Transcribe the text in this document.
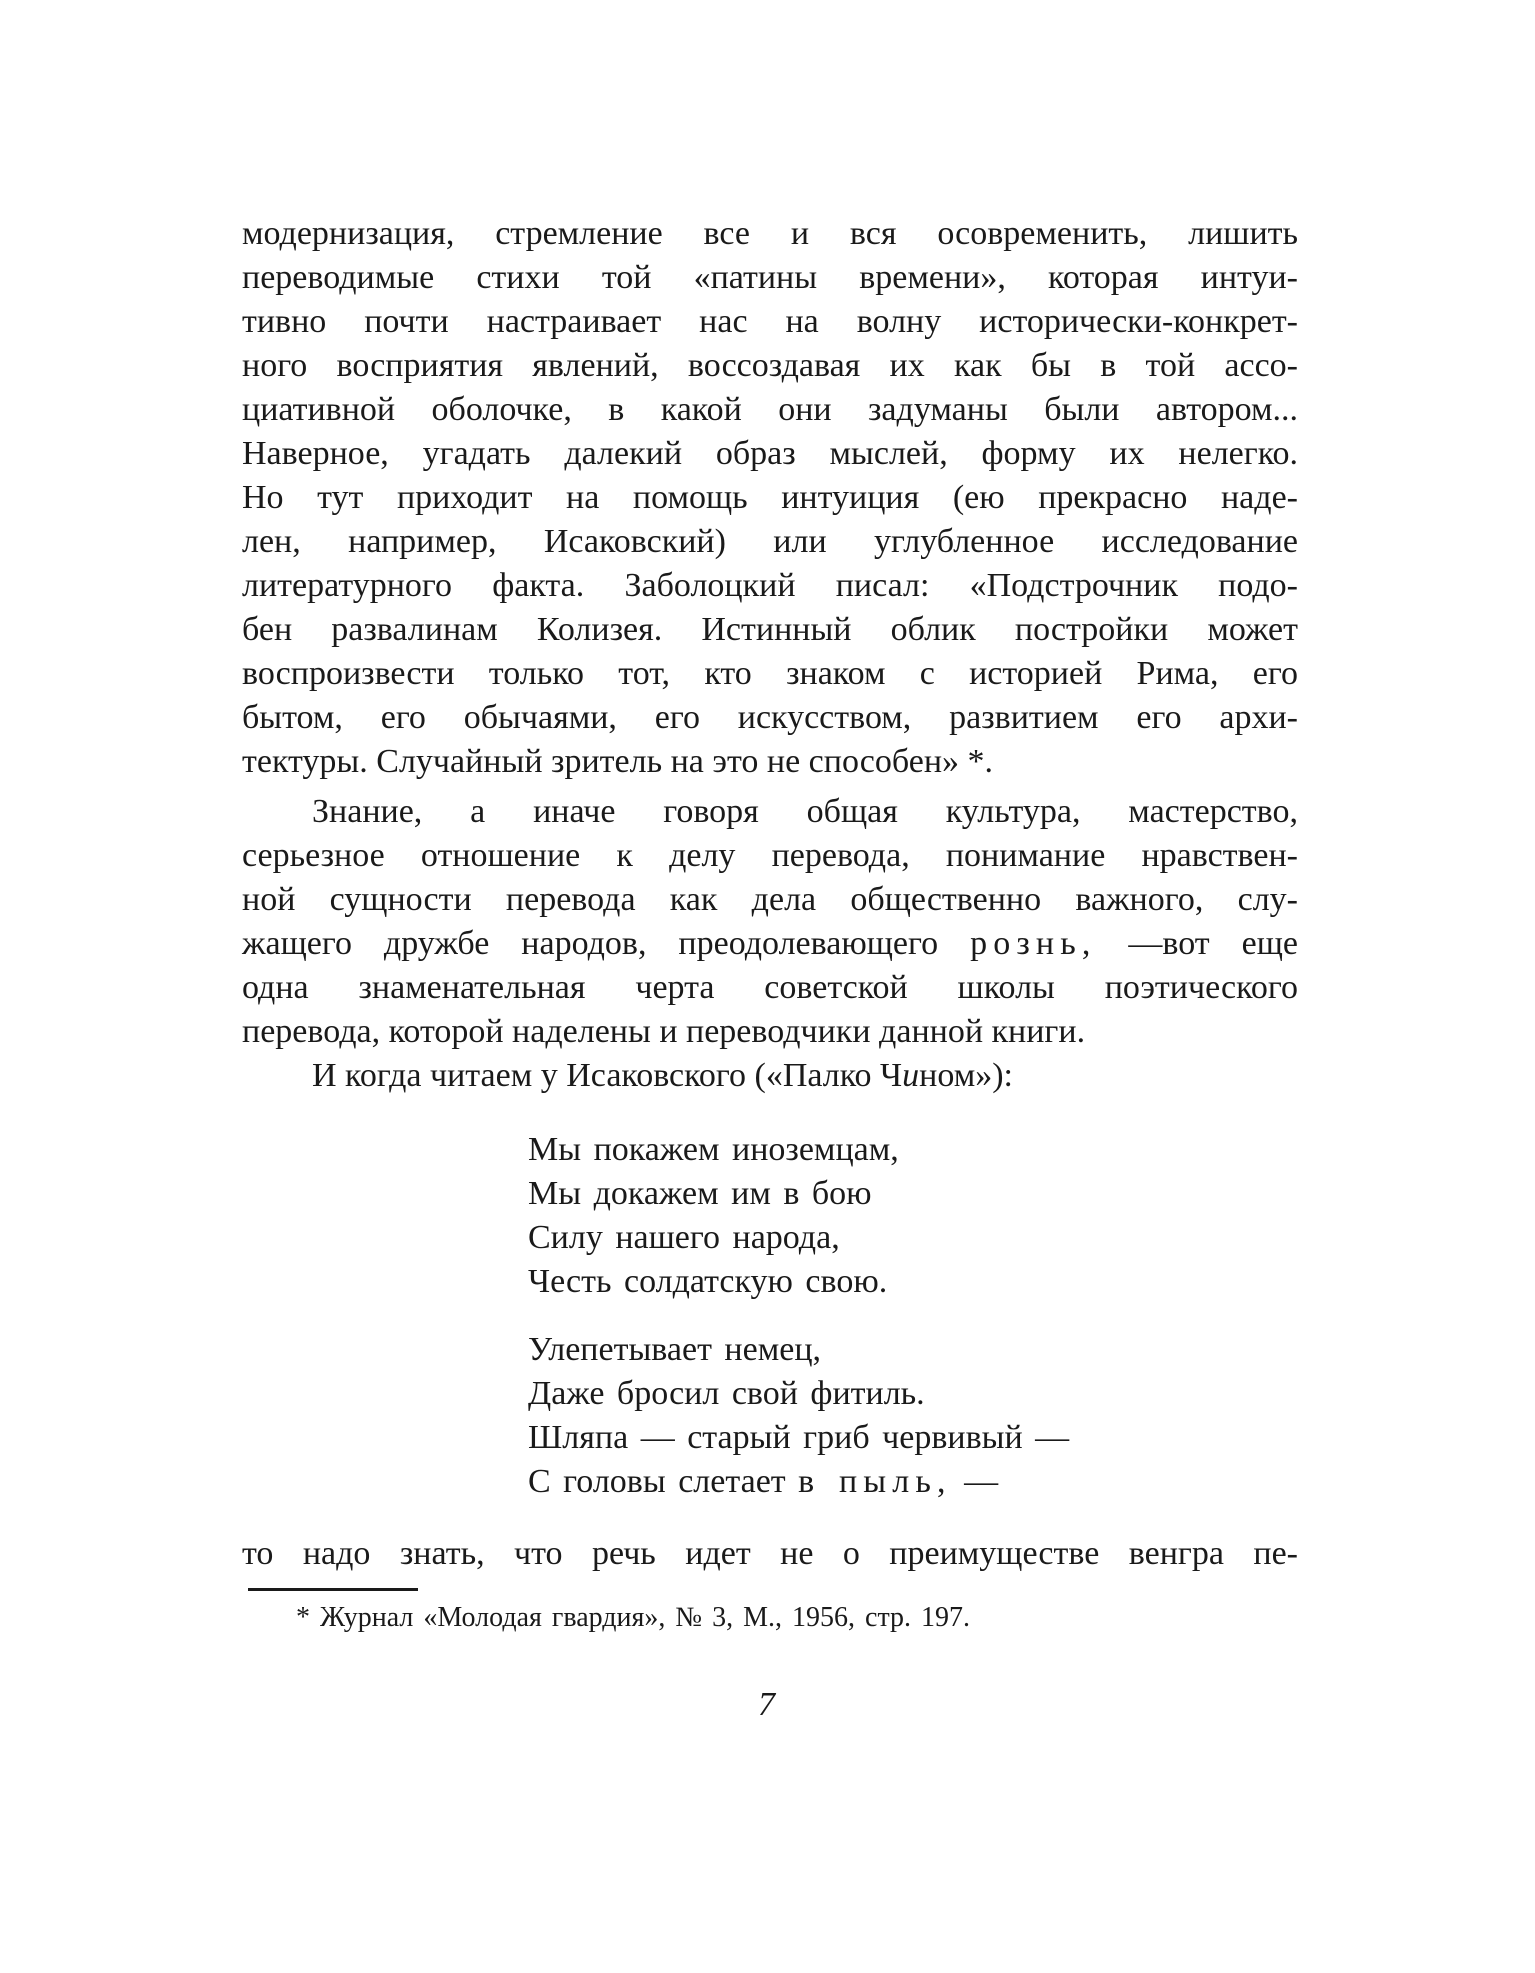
модернизация, стремление все и вся осовременить, лишить
переводимые стихи той «патины времени», которая интуи-
тивно почти настраивает нас на волну исторически-конкрет-
ного восприятия явлений, воссоздавая их как бы в той ассо-
циативной оболочке, в какой они задуманы были автором...
Наверное, угадать далекий образ мыслей, форму их нелегко.
Но тут приходит на помощь интуиция (ею прекрасно наде-
лен, например, Исаковский) или углубленное исследование
литературного факта. Заболоцкий писал: «Подстрочник подо-
бен развалинам Колизея. Истинный облик постройки может
воспроизвести только тот, кто знаком с историей Рима, его
бытом, его обычаями, его искусством, развитием его архи-
тектуры. Случайный зритель на это не способен» *.
Знание, а иначе говоря общая культура, мастерство,
серьезное отношение к делу перевода, понимание нравствен-
ной сущности перевода как дела общественно важного, слу-
жащего дружбе народов, преодолевающего рознь, —вот еще
одна знаменательная черта советской школы поэтического
перевода, которой наделены и переводчики данной книги.
И когда читаем у Исаковского («Палко Чином»):
Мы покажем иноземцам,
Мы докажем им в бою
Силу нашего народа,
Честь солдатскую свою.
Улепетывает немец,
Даже бросил свой фитиль.
Шляпа — старый гриб червивый —
С головы слетает в пыль, —
то надо знать, что речь идет не о преимуществе венгра пе-
* Журнал «Молодая гвардия», № 3, М., 1956, стр. 197.
7
